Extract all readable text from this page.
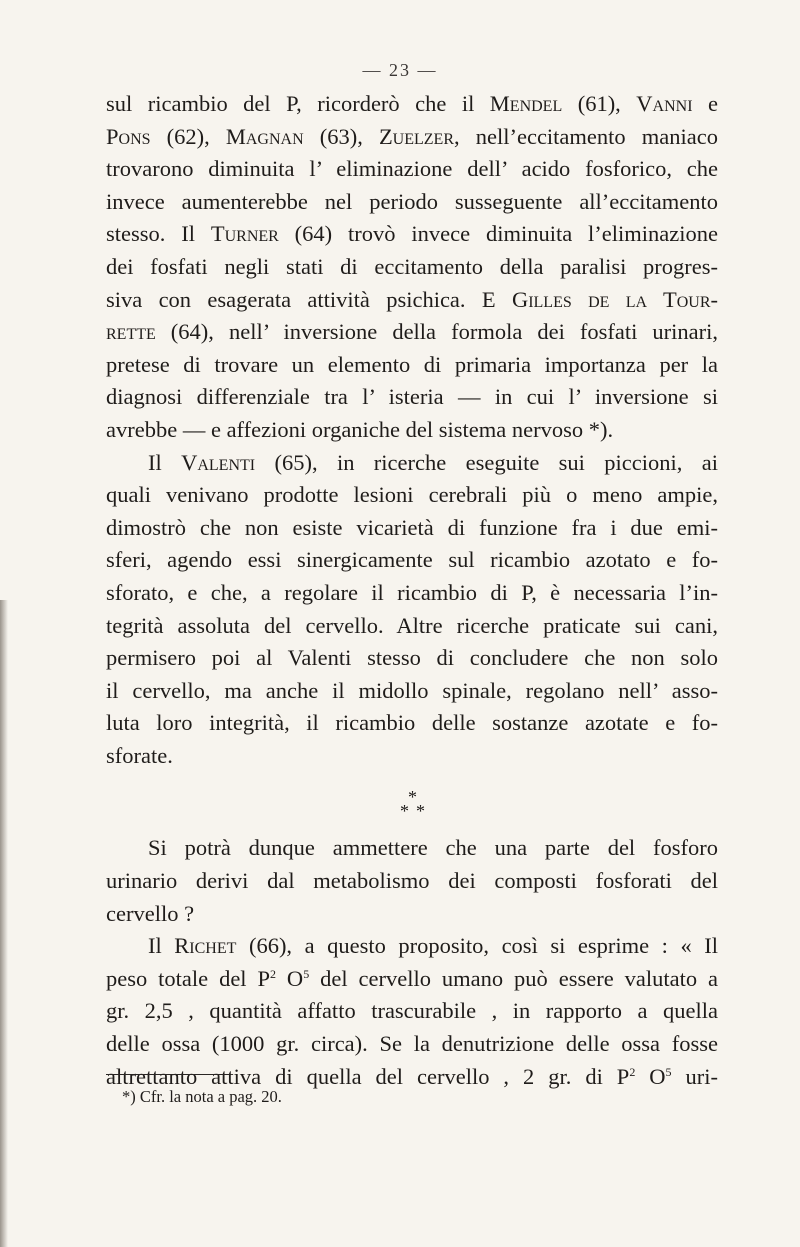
— 23 —
sul ricambio del P, ricorderò che il Mendel (61), Vanni e
Pons (62), Magnan (63), Zuelzer, nell’eccitamento maniaco
trovarono diminuita l’ eliminazione dell’ acido fosforico, che
invece aumenterebbe nel periodo susseguente all’eccitamento
stesso. Il Turner (64) trovò invece diminuita l’eliminazione
dei fosfati negli stati di eccitamento della paralisi progres-
siva con esagerata attività psichica. E Gilles de la Tour-
rette (64), nell’ inversione della formola dei fosfati urinari,
pretese di trovare un elemento di primaria importanza per la
diagnosi differenziale tra l’ isteria — in cui l’ inversione si
avrebbe — e affezioni organiche del sistema nervoso *).
Il Valenti (65), in ricerche eseguite sui piccioni, ai
quali venivano prodotte lesioni cerebrali più o meno ampie,
dimostrò che non esiste vicarietà di funzione fra i due emi-
sferi, agendo essi sinergicamente sul ricambio azotato e fo-
sforato, e che, a regolare il ricambio di P, è necessaria l’in-
tegrità assoluta del cervello. Altre ricerche praticate sui cani,
permisero poi al Valenti stesso di concludere che non solo
il cervello, ma anche il midollo spinale, regolano nell’ asso-
luta loro integrità, il ricambio delle sostanze azotate e fo-
sforate.
*
* *
Si potrà dunque ammettere che una parte del fosforo
urinario derivi dal metabolismo dei composti fosforati del
cervello ?
Il Richet (66), a questo proposito, così si esprime : « Il
peso totale del $P^2$ $O^5$ del cervello umano può essere valutato a
gr. 2,5 , quantità affatto trascurabile , in rapporto a quella
delle ossa (1000 gr. circa). Se la denutrizione delle ossa fosse
altrettanto attiva di quella del cervello , 2 gr. di $P^2$ $O^5$ uri-
*) Cfr. la nota a pag. 20.
